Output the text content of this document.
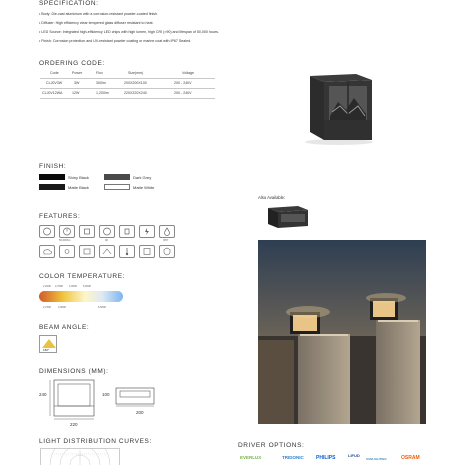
SPECIFICATION:
• Body: Die-cast aluminium with a corrosion-resistant powder-coated finish.
• Diffuser: High efficiency clear tempered glass diffuser resistant to heat.
• LED Source: Integrated high-efficiency LED chips with high lumen, high CRI (>90) and lifespan of 50,000 hours.
• Finish: Corrosion protection and UV-resistant powder coating or marine coat with IP67 Sealed.
ORDERING CODE:
Code	Power	Flux	Size(mm)	Voltage
CLJ0V3W	3W	300lm	200X200X100	200 - 240V
CLJ0V12WA	12W	1,200lm	220X220X240	200 - 240V
FINISH:
Shiny Black	Dark Grey
Matte Black	Matte White
Also Available:
FEATURES:
50,000hrs	90	IP67
COLOR TEMPERATURE:
2,200K 2,700K 4,000K 5,000K
2,700K	3,000K	6,500K
BEAM ANGLE:
180°
DIMENSIONS (MM):
240
220
100
200
LIGHT DISTRIBUTION CURVES:
DRIVER OPTIONS:
EVERLUX	TRIDONIC PHILIPS	LIFUD
SUNLIGHTING	OSRAM
